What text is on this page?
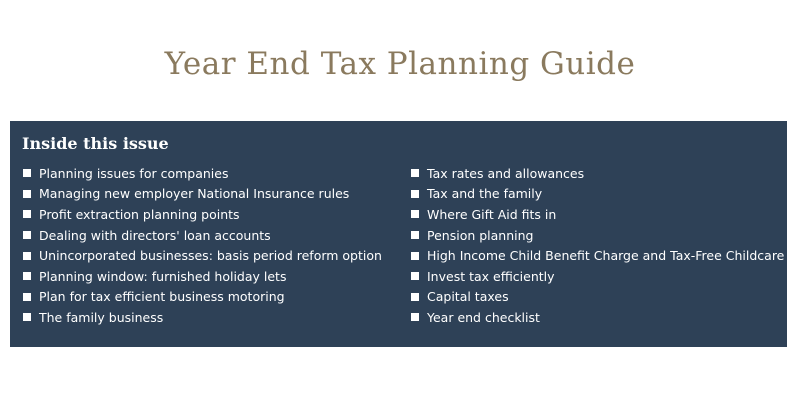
Year End Tax Planning Guide
Inside this issue
Planning issues for companies
Managing new employer National Insurance rules
Profit extraction planning points
Dealing with directors' loan accounts
Unincorporated businesses: basis period reform option
Planning window: furnished holiday lets
Plan for tax efficient business motoring
The family business
Tax rates and allowances
Tax and the family
Where Gift Aid fits in
Pension planning
High Income Child Benefit Charge and Tax-Free Childcare
Invest tax efficiently
Capital taxes
Year end checklist
